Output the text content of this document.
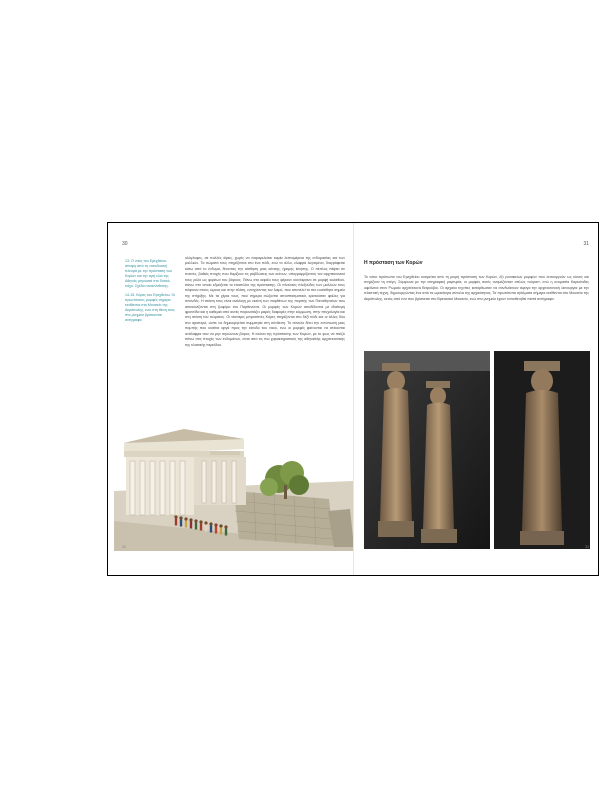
30
13. Ο ναός του Ερεχθείου: άποψη από τη νοτιοδυτική πλευρά με την πρόσταση των Κορών και την ιερή ελιά της Αθηνάς μπροστά στο δυτικό τοίχο. Σχέδιο ανασύνθεσης.
14-15. Κόρες του Ερεχθείου. Οι πρωτότυπες μορφές σήμερα εκτίθενται στο Μουσείο της Ακρόπολης, ενώ στη θέση τους στο μνημείο βρίσκονται αντίγραφα.
ολόγλυφες, σε πολλές όψεις, χωρίς να παραμελείται καμία λεπτομέρεια της ενδυμασίας και των μαλλιών. Τα σώματά τους στηρίζονται στο ένα πόδι, ενώ το άλλο, ελαφρά λυγισμένο, διαγράφεται κάτω από το ένδυμα, δίνοντας την αίσθηση μιας αέναης, ήρεμης κίνησης. Ο πέπλος πέφτει σε πυκνές, βαθιές πτυχές που θυμίζουν τις ραβδώσεις των κιόνων, υπογραμμίζοντας τον αρχιτεκτονικό τους ρόλο ως φορέων του βάρους. Πάνω στο κεφάλι τους φέρουν κιονόκρανο σε μορφή καλαθιού, πάνω στο οποίο εδράζεται το επιστύλιο της πρόστασης. Οι πλούσιες πλεξούδες των μαλλιών τους πέφτουν στους ώμους και στην πλάτη, ενισχύοντας τον λαιμό, που αποτελεί το πιο ευαίσθητο σημείο της στήριξης. Με τα χέρια τους, που σήμερα σώζονται αποσπασματικά, κρατούσαν φιάλες για σπονδές. Η στάση τους είναι ανάλογη με εκείνη των παρθένων της πομπής των Παναθηναίων που απεικονίζονται στη ζωφόρο του Παρθενώνα. Οι μορφές των Κορών αποδίδονται με ιδιαίτερη φροντίδα και η καθεμιά από αυτές παρουσιάζει μικρές διαφορές στην κόμμωση, στην πτυχολογία και στη στάση του σώματος. Οι τέσσερις μπροστινές Κόρες στηρίζονται στο δεξί πόδι και οι άλλες δύο στο αριστερό, ώστε να δημιουργείται συμμετρία στη σύνθεση. Το σύνολο δίνει την εντύπωση μιας πομπής που κινείται αργά προς την είσοδο του ναού, ενώ οι μορφές φαίνονται να στέκονται ανάλαφρα σαν να μην σηκώνουν βάρος. Η εικόνα της πρόστασης των Κορών, με το φως να παίζει πάνω στις πτυχές των ενδυμάτων, είναι από τις πιο χαρακτηριστικές της αθηναϊκής αρχιτεκτονικής της κλασικής περιόδου.
30
31
Η πρόσταση των Κορών
Το νότιο πρόσωπο του Ερεχθείου κοσμείται από τη μικρή πρόσταση των Κορών, έξι γυναικείων μορφών που λειτουργούν ως κίονες και στηρίζουν τη στέγη. Σύμφωνα με την επιγραφική μαρτυρία, οι μορφές αυτές ονομάζονταν απλώς «κόραι», ενώ η ονομασία Καρυάτιδες οφείλεται στον Ρωμαίο αρχιτέκτονα Βιτρούβιο. Οι αρχαίοι τεχνίτες κατόρθωσαν να συνδυάσουν άψογα την αρχιτεκτονική λειτουργία με την πλαστική τέχνη, δημιουργώντας ένα από τα ωραιότερα σύνολα της αρχαιότητας. Τα πρωτότυπα αγάλματα σήμερα εκτίθενται στο Μουσείο της Ακρόπολης, εκτός από ένα που βρίσκεται στο Βρετανικό Μουσείο, ενώ στο μνημείο έχουν τοποθετηθεί πιστά αντίγραφα.
31
